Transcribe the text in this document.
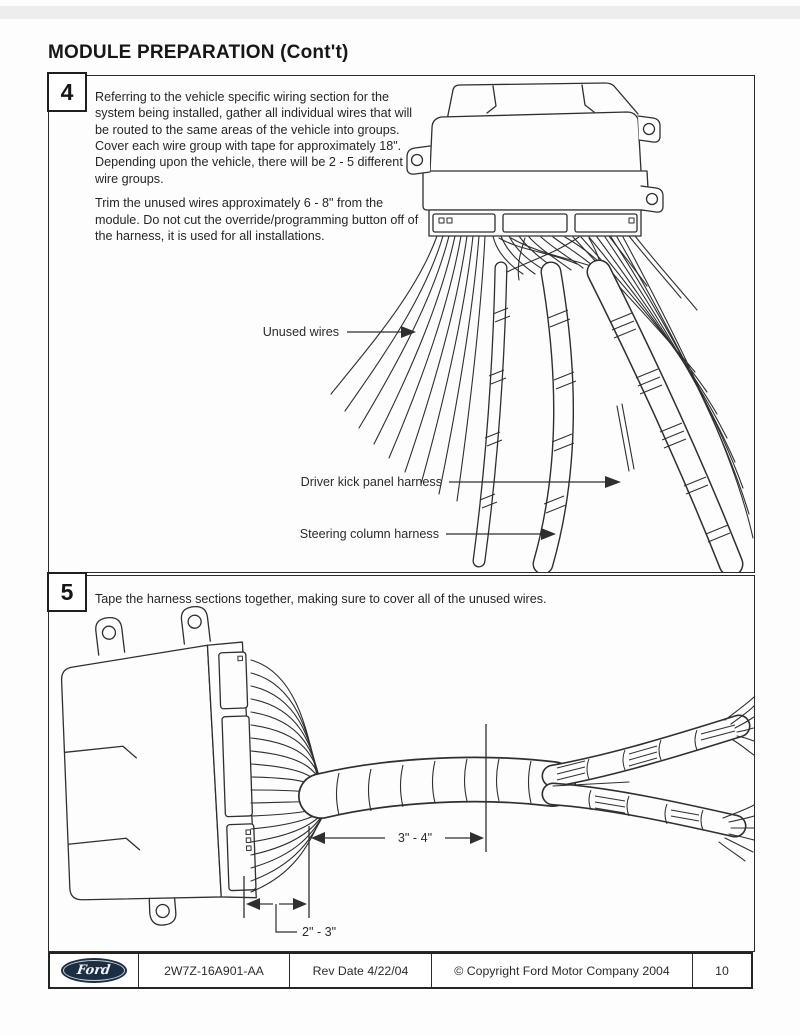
MODULE PREPARATION (Cont't)
4	Referring to the vehicle specific wiring section for the system being installed, gather all individual wires that will be routed to the same areas of the vehicle into groups. Cover each wire group with tape for approximately 18". Depending upon the vehicle, there will be 2 - 5 different wire groups.

Trim the unused wires approximately 6 - 8" from the module. Do not cut the override/programming button off of the harness, it is used for all installations.

Unused wires
Driver kick panel harness
Steering column harness
5	Tape the harness sections together, making sure to cover all of the unused wires.

3" - 4"
2" - 3"
Ford	2W7Z-16A901-AA	Rev Date 4/22/04	© Copyright Ford Motor Company 2004	10
